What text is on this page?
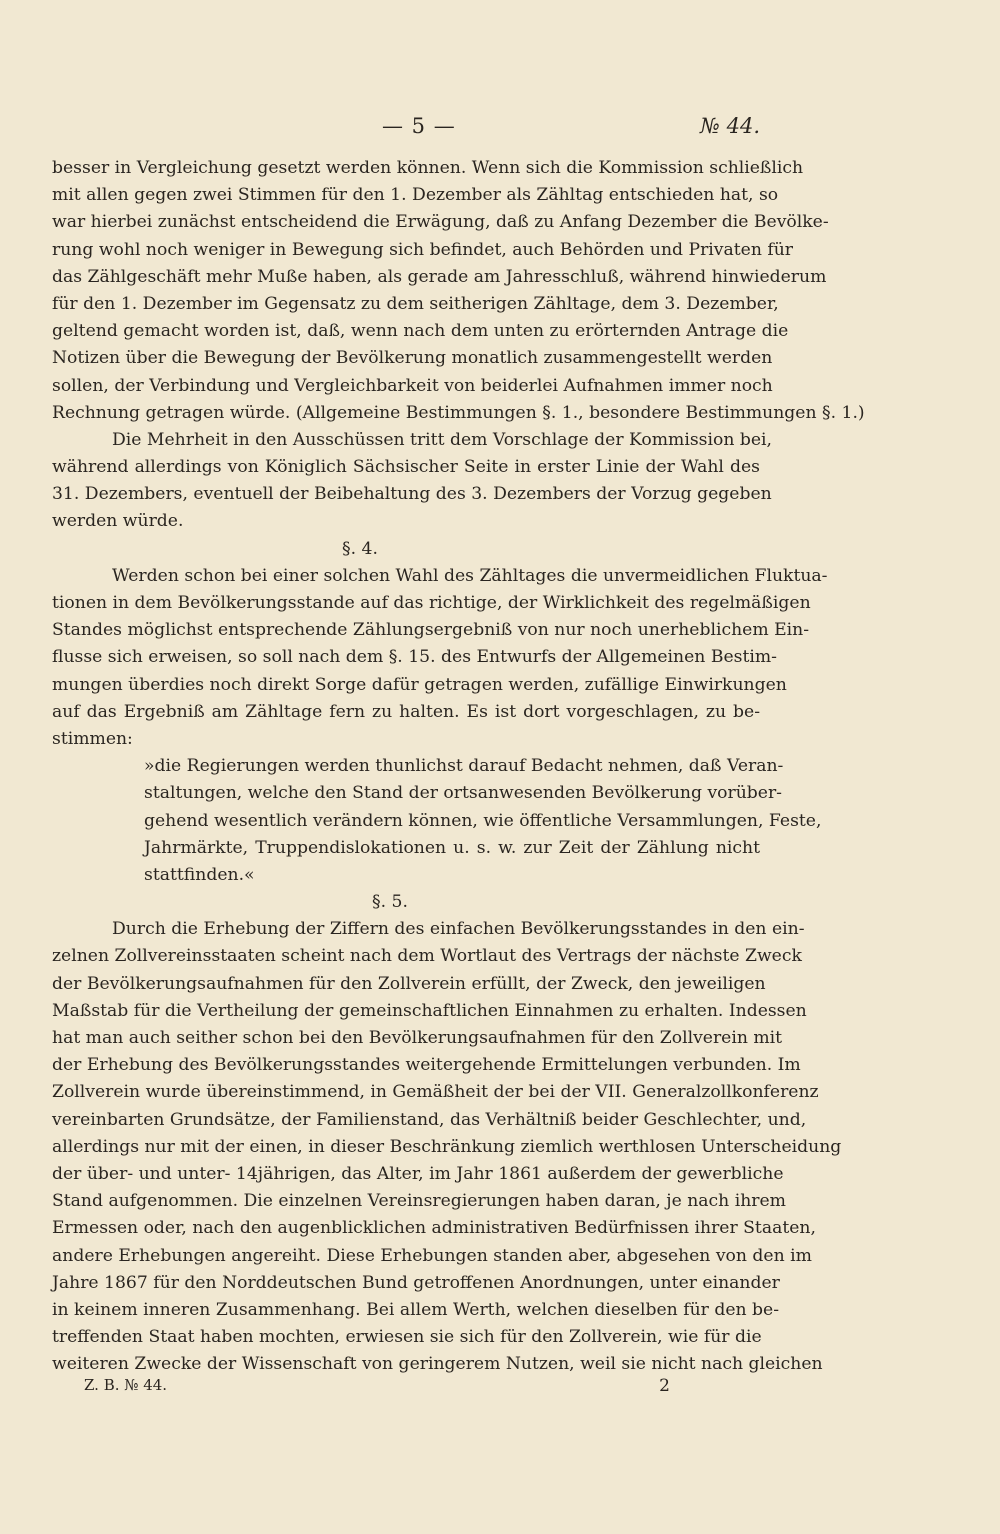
— 5 —	№ 44.
besser in Vergleichung gesetzt werden können. Wenn sich die Kommission schließlich
mit allen gegen zwei Stimmen für den 1. Dezember als Zähltag entschieden hat, so
war hierbei zunächst entscheidend die Erwägung, daß zu Anfang Dezember die Bevölke-
rung wohl noch weniger in Bewegung sich befindet, auch Behörden und Privaten für
das Zählgeschäft mehr Muße haben, als gerade am Jahresschluß, während hinwiederum
für den 1. Dezember im Gegensatz zu dem seitherigen Zähltage, dem 3. Dezember,
geltend gemacht worden ist, daß, wenn nach dem unten zu erörternden Antrage die
Notizen über die Bewegung der Bevölkerung monatlich zusammengestellt werden
sollen, der Verbindung und Vergleichbarkeit von beiderlei Aufnahmen immer noch
Rechnung getragen würde. (Allgemeine Bestimmungen §. 1., besondere Bestimmungen §. 1.)
Die Mehrheit in den Ausschüssen tritt dem Vorschlage der Kommission bei,
während allerdings von Königlich Sächsischer Seite in erster Linie der Wahl des
31. Dezembers, eventuell der Beibehaltung des 3. Dezembers der Vorzug gegeben
werden würde.
§. 4.
Werden schon bei einer solchen Wahl des Zähltages die unvermeidlichen Fluktua-
tionen in dem Bevölkerungsstande auf das richtige, der Wirklichkeit des regelmäßigen
Standes möglichst entsprechende Zählungsergebniß von nur noch unerheblichem Ein-
flusse sich erweisen, so soll nach dem §. 15. des Entwurfs der Allgemeinen Bestim-
mungen überdies noch direkt Sorge dafür getragen werden, zufällige Einwirkungen
auf das Ergebniß am Zähltage fern zu halten. Es ist dort vorgeschlagen, zu be-
stimmen:
»die Regierungen werden thunlichst darauf Bedacht nehmen, daß Veran-
staltungen, welche den Stand der ortsanwesenden Bevölkerung vorüber-
gehend wesentlich verändern können, wie öffentliche Versammlungen, Feste,
Jahrmärkte, Truppendislokationen u. s. w. zur Zeit der Zählung nicht
stattfinden.«
§. 5.
Durch die Erhebung der Ziffern des einfachen Bevölkerungsstandes in den ein-
zelnen Zollvereinsstaaten scheint nach dem Wortlaut des Vertrags der nächste Zweck
der Bevölkerungsaufnahmen für den Zollverein erfüllt, der Zweck, den jeweiligen
Maßstab für die Vertheilung der gemeinschaftlichen Einnahmen zu erhalten. Indessen
hat man auch seither schon bei den Bevölkerungsaufnahmen für den Zollverein mit
der Erhebung des Bevölkerungsstandes weitergehende Ermittelungen verbunden. Im
Zollverein wurde übereinstimmend, in Gemäßheit der bei der VII. Generalzollkonferenz
vereinbarten Grundsätze, der Familienstand, das Verhältniß beider Geschlechter, und,
allerdings nur mit der einen, in dieser Beschränkung ziemlich werthlosen Unterscheidung
der über- und unter- 14jährigen, das Alter, im Jahr 1861 außerdem der gewerbliche
Stand aufgenommen. Die einzelnen Vereinsregierungen haben daran, je nach ihrem
Ermessen oder, nach den augenblicklichen administrativen Bedürfnissen ihrer Staaten,
andere Erhebungen angereiht. Diese Erhebungen standen aber, abgesehen von den im
Jahre 1867 für den Norddeutschen Bund getroffenen Anordnungen, unter einander
in keinem inneren Zusammenhang. Bei allem Werth, welchen dieselben für den be-
treffenden Staat haben mochten, erwiesen sie sich für den Zollverein, wie für die
weiteren Zwecke der Wissenschaft von geringerem Nutzen, weil sie nicht nach gleichen
Z. B. № 44.	2
